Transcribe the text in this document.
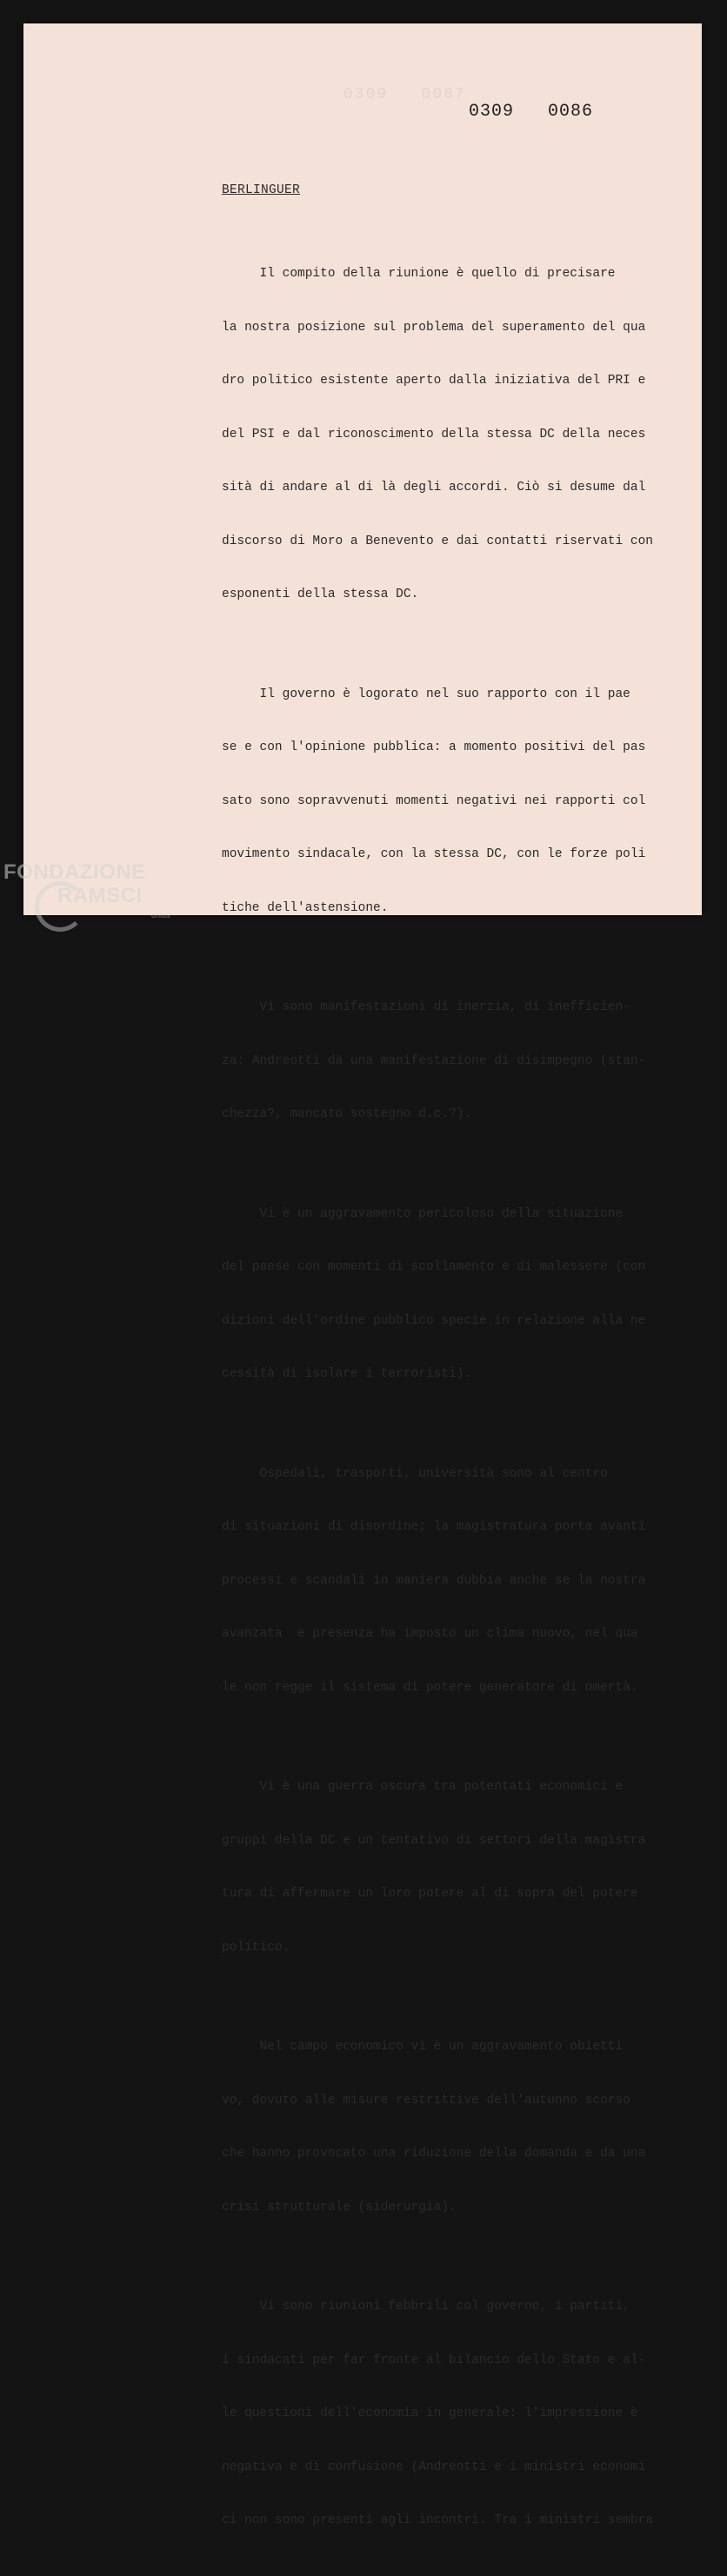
0309   0087
0309   0086
BERLINGUER

Il compito della riunione è quello di precisare

la nostra posizione sul problema del superamento del qua

dro politico esistente aperto dalla iniziativa del PRI e

del PSI e dal riconoscimento della stessa DC della neces

sità di andare al di là degli accordi. Ciò si desume dal

discorso di Moro a Benevento e dai contatti riservati con

esponenti della stessa DC.

Il governo è logorato nel suo rapporto con il pae

se e con l'opinione pubblica: a momento positivi del pas

sato sono sopravvenuti momenti negativi nei rapporti col

movimento sindacale, con la stessa DC, con le forze poli

tiche dell'astensione.

Vi sono manifestazioni di inerzia, di inefficien-

za: Andreotti dà una manifestazione di disimpegno (stan-

chezza?, mancato sostegno d.c.?).

Vi è un aggravamento pericoloso della situazione

del paese con momenti di scollamento e di malessere (con

dizioni dell'ordine pubblico specie in relazione alla ne

cessità di isolare i terroristi).

Ospedali, trasporti, università sono al centro

di situazioni di disordine; la magistratura porta avanti

processi e scandali in maniera dubbia anche se la nostra

avanzata  e presenza ha imposto un clima nuovo, nel qua

le non regge il sistema di potere generatore di omertà.

Vi è una guerra oscura tra potentati economici e

gruppi della DC e un tentativo di settori della magistra

tura di affermare un loro potere al di sopra del potere

politico.

Nel campo economico vi è un aggravamento obietti

vo, dovuto alle misure restrittive dell'autunno scorso

che hanno provocato una riduzione della domanda e da una

crisi strutturale (siderurgia).

Vi sono riunioni febbrili col governo, i partiti,

i sindacati per far fronte al bilancio dello Stato e al-

le questioni dell'economia in generale: l'impressione è

negativa e di confusione (Andreotti e i ministri economi

ci non sono presenti agli incontri. Tra i ministri sembra

FONDAZIONE
RAMSCI
onlus
